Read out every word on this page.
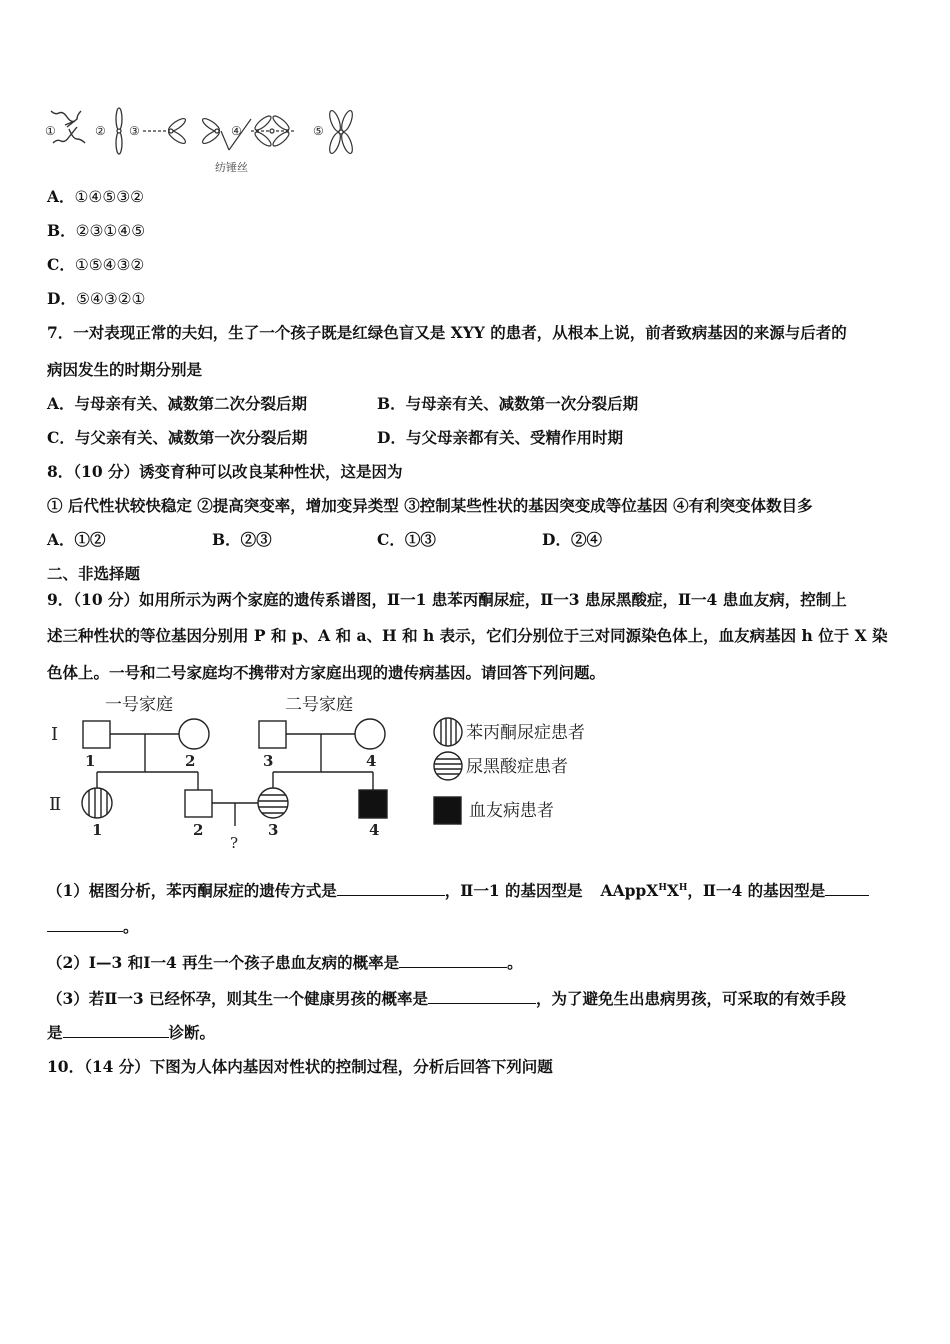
①	② ③	④	⑤
纺锤丝
A．①④⑤③②
B．②③①④⑤
C．①⑤④③②
D．⑤④③②①
7．一对表现正常的夫妇，生了一个孩子既是红绿色盲又是 XYY 的患者，从根本上说，前者致病基因的来源与后者的
病因发生的时期分别是
A．与母亲有关、减数第二次分裂后期	B．与母亲有关、减数第一次分裂后期
C．与父亲有关、减数第一次分裂后期	D．与父母亲都有关、受精作用时期
8．（10 分）诱变育种可以改良某种性状，这是因为
① 后代性状较快稳定 ②提高突变率，增加变异类型 ③控制某些性状的基因突变成等位基因 ④有利突变体数目多
A．①②	B．②③	C．①③	D．②④
二、非选择题
9．（10 分）如用所示为两个家庭的遗传系谱图，Ⅱ一1 患苯丙酮尿症，Ⅱ一3 患尿黑酸症，Ⅱ一4 患血友病，控制上
述三种性状的等位基因分别用 P 和 p、A 和 a、H 和 h 表示，它们分别位于三对同源染色体上，血友病基因 h 位于 X 染
色体上。一号和二号家庭均不携带对方家庭出现的遗传病基因。请回答下列问题。
一号家庭	二号家庭
Ⅰ
Ⅱ
1	2	3	4
1	2	3	4
?
苯丙酮尿症患者
尿黑酸症患者
血友病患者
（1）椐图分析，苯丙酮尿症的遗传方式是	，Ⅱ一1 的基因型是 $AAppX^HX^H$，Ⅱ一4 的基因型是
。
（2）Ⅰ—3 和Ⅰ一4 再生一个孩子患血友病的概率是	。
（3）若Ⅱ一3 已经怀孕，则其生一个健康男孩的概率是	，为了避免生出患病男孩，可采取的有效手段
是	诊断。
10．（14 分）下图为人体内基因对性状的控制过程，分析后回答下列问题
